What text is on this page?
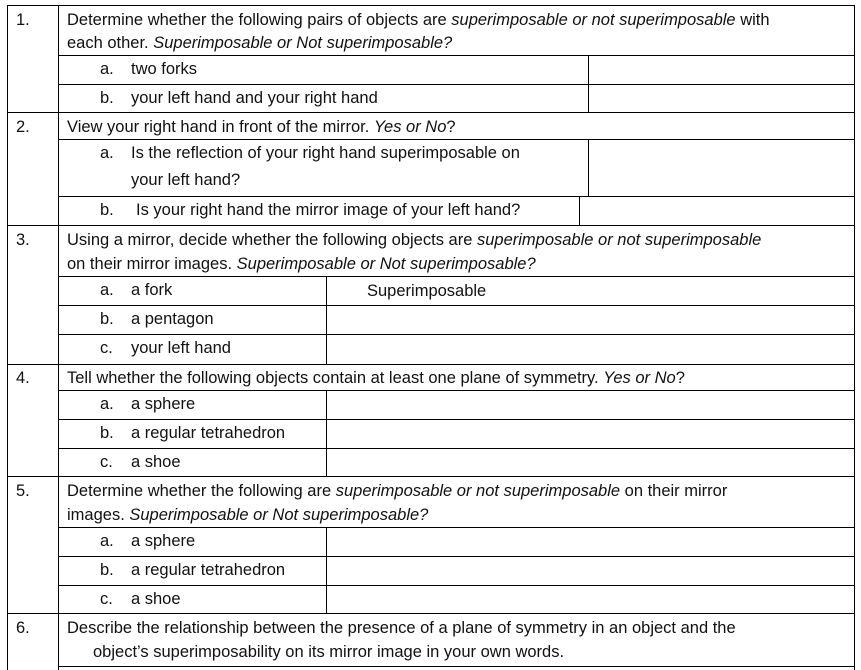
1. Determine whether the following pairs of objects are superimposable or not superimposable with
each other. Superimposable or Not superimposable?
a. two forks
b. your left hand and your right hand
2. View your right hand in front of the mirror. Yes or No?
a. Is the reflection of your right hand superimposable on
your left hand?
b. Is your right hand the mirror image of your left hand?
3. Using a mirror, decide whether the following objects are superimposable or not superimposable
on their mirror images. Superimposable or Not superimposable?
a. a fork	Superimposable
b. a pentagon
c. your left hand
4. Tell whether the following objects contain at least one plane of symmetry. Yes or No?
a. a sphere
b. a regular tetrahedron
c. a shoe
5. Determine whether the following are superimposable or not superimposable on their mirror
images. Superimposable or Not superimposable?
a. a sphere
b. a regular tetrahedron
c. a shoe
6. Describe the relationship between the presence of a plane of symmetry in an object and the
object’s superimposability on its mirror image in your own words.
